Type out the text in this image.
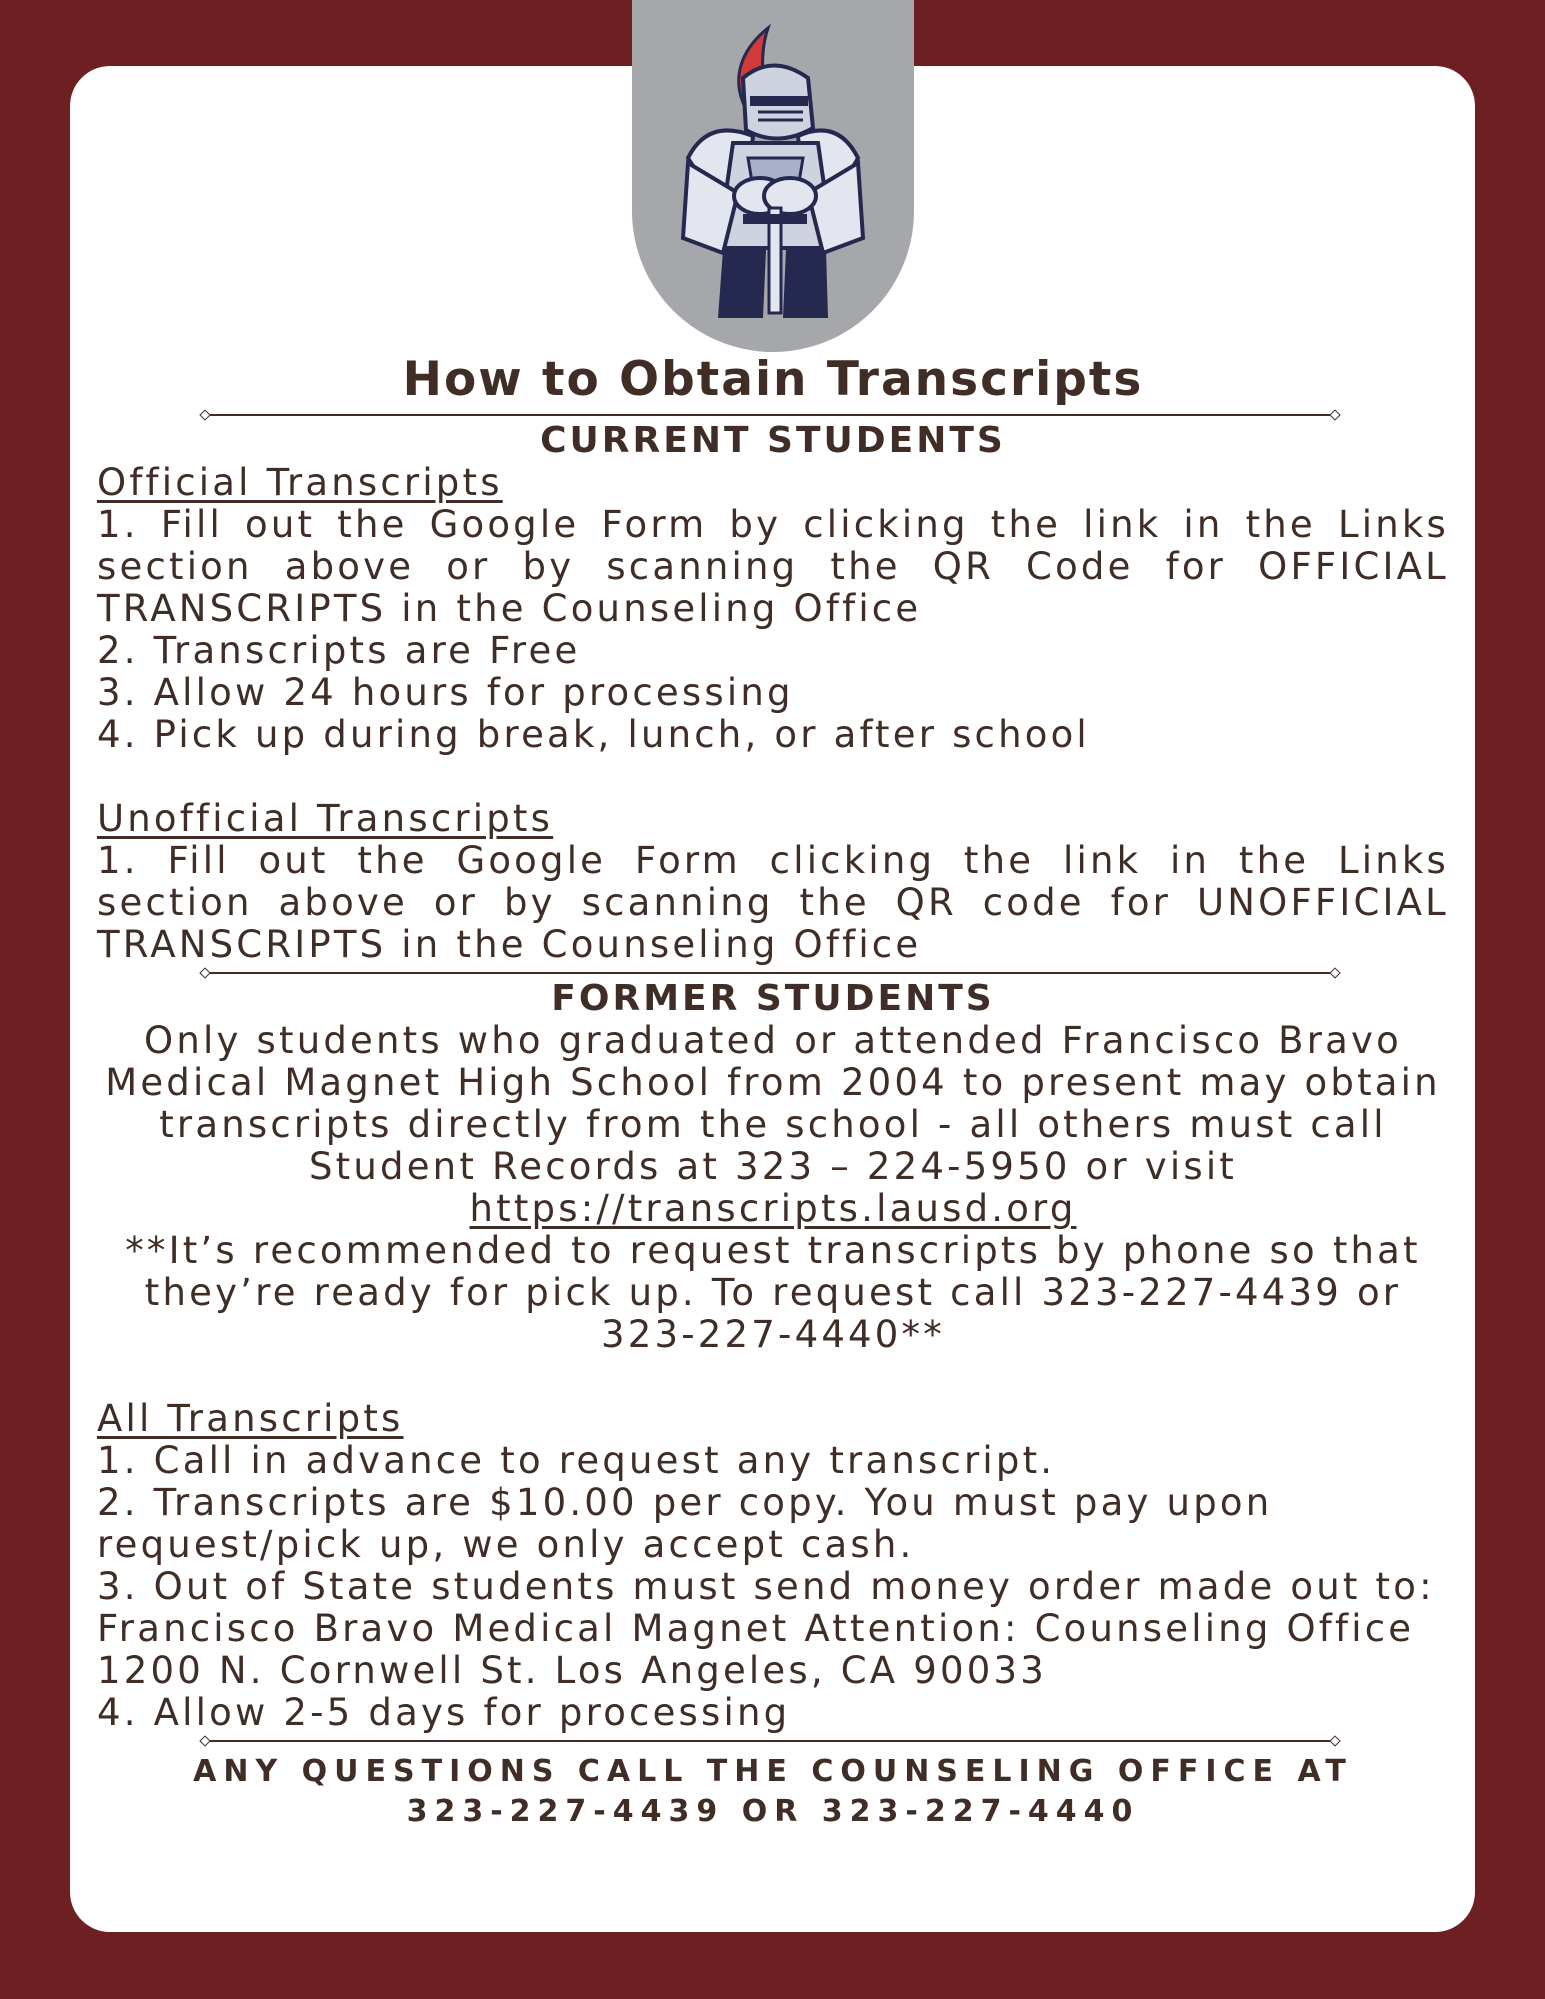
How to Obtain Transcripts
CURRENT STUDENTS

Official Transcripts

1. Fill out the Google Form by clicking the link in the Links section above or by scanning the QR Code for OFFICIAL TRANSCRIPTS in the Counseling Office

2. Transcripts are Free

3. Allow 24 hours for processing

4. Pick up during break, lunch, or after school

Unofficial Transcripts

1. Fill out the Google Form clicking the link in the Links section above or by scanning the QR code for UNOFFICIAL TRANSCRIPTS in the Counseling Office

FORMER STUDENTS

Only students who graduated or attended Francisco Bravo Medical Magnet High School from 2004 to present may obtain transcripts directly from the school - all others must call Student Records at 323 – 224-5950 or visit

https://transcripts.lausd.org

**It’s recommended to request transcripts by phone so that they’re ready for pick up. To request call 323-227-4439 or 323-227-4440**

All Transcripts

1. Call in advance to request any transcript.

2. Transcripts are $10.00 per copy. You must pay upon request/pick up, we only accept cash.

3. Out of State students must send money order made out to:

Francisco Bravo Medical Magnet Attention: Counseling Office

1200 N. Cornwell St. Los Angeles, CA 90033

4. Allow 2-5 days for processing

ANY QUESTIONS CALL THE COUNSELING OFFICE AT

323-227-4439 OR 323-227-4440
